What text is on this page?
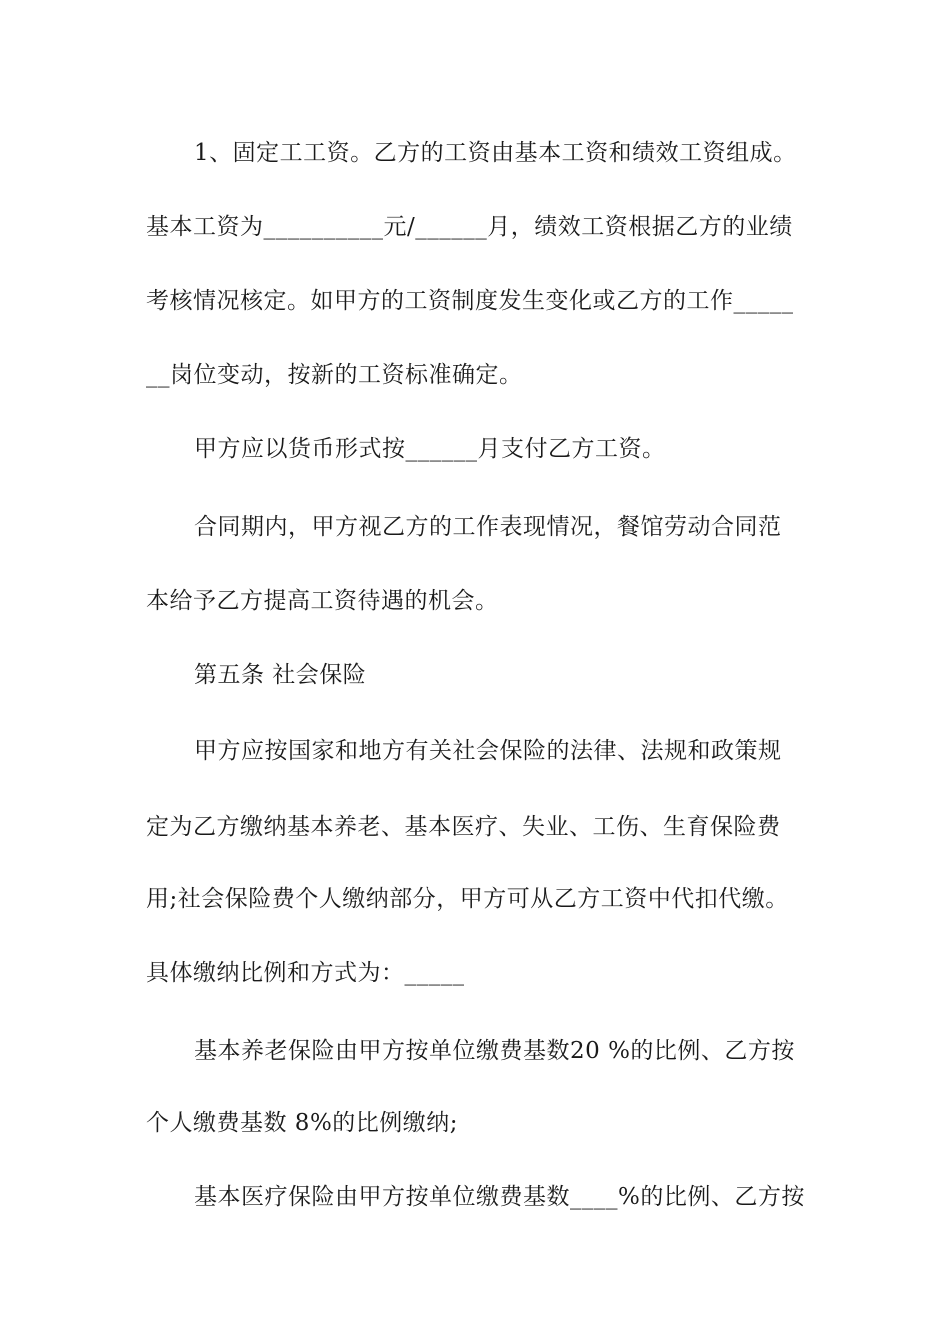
1、固定工工资。乙方的工资由基本工资和绩效工资组成。
基本工资为__________元/______月，绩效工资根据乙方的业绩
考核情况核定。如甲方的工资制度发生变化或乙方的工作_____
__岗位变动，按新的工资标准确定。
甲方应以货币形式按______月支付乙方工资。
合同期内，甲方视乙方的工作表现情况，餐馆劳动合同范
本给予乙方提高工资待遇的机会。
第五条 社会保险
甲方应按国家和地方有关社会保险的法律、法规和政策规
定为乙方缴纳基本养老、基本医疗、失业、工伤、生育保险费
用;社会保险费个人缴纳部分，甲方可从乙方工资中代扣代缴。
具体缴纳比例和方式为：_____
基本养老保险由甲方按单位缴费基数20 %的比例、乙方按
个人缴费基数 8%的比例缴纳;
基本医疗保险由甲方按单位缴费基数____%的比例、乙方按
